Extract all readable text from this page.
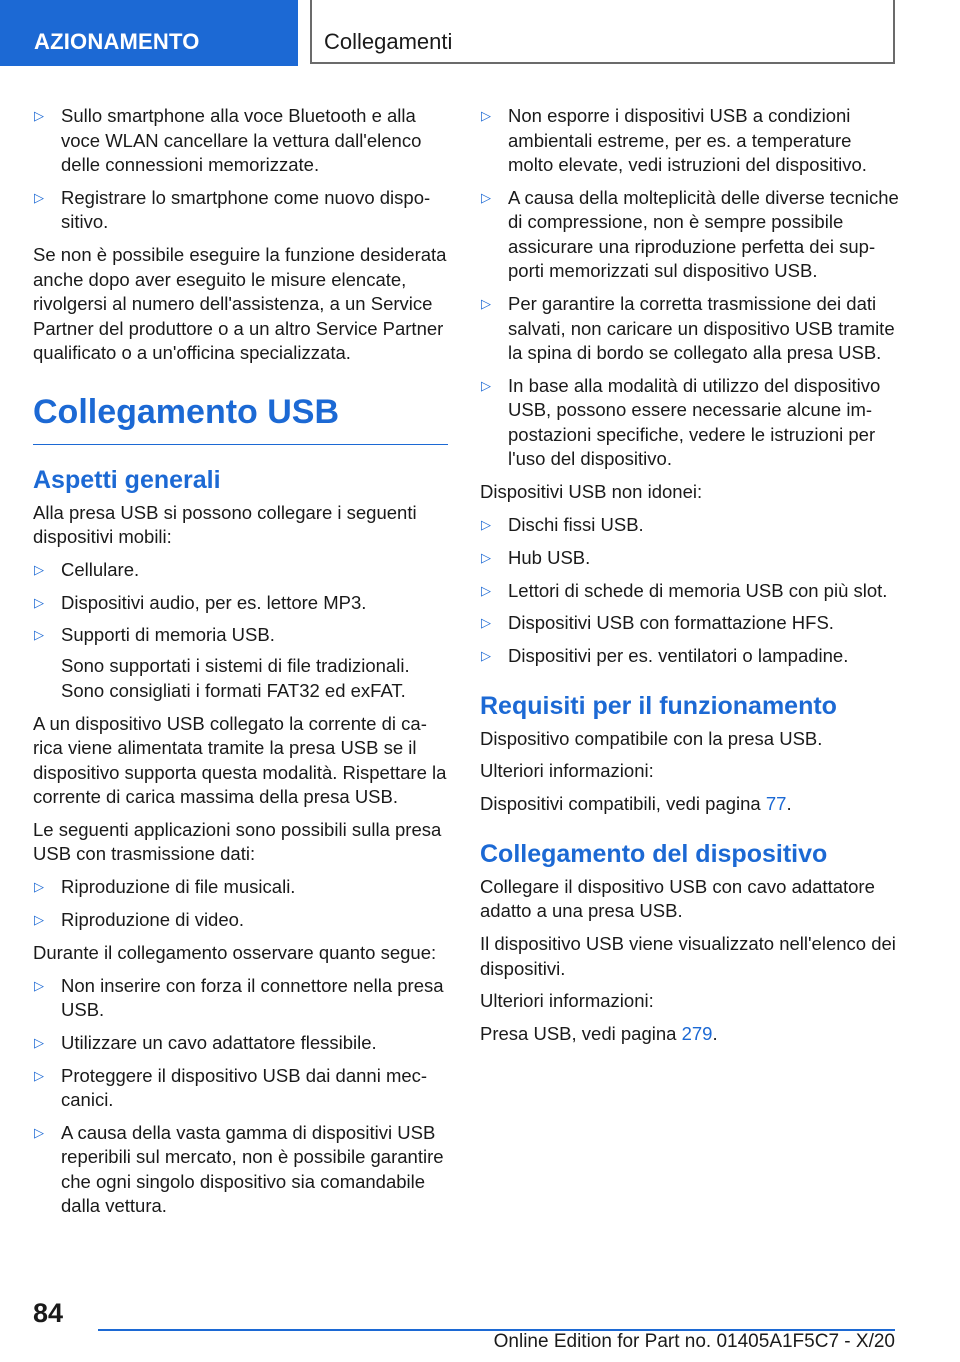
AZIONAMENTO	Collegamenti
▷ Sullo smartphone alla voce Bluetooth e alla voce WLAN cancellare la vettura dall'elenco delle connessioni memorizzate.
▷ Registrare lo smartphone come nuovo dispositivo.
Se non è possibile eseguire la funzione desiderata anche dopo aver eseguito le misure elencate, rivolgersi al numero dell'assistenza, a un Service Partner del produttore o a un altro Service Partner qualificato o a un'officina specializzata.
Collegamento USB
Aspetti generali
Alla presa USB si possono collegare i seguenti dispositivi mobili:
▷ Cellulare.
▷ Dispositivi audio, per es. lettore MP3.
▷ Supporti di memoria USB.
Sono supportati i sistemi di file tradizionali. Sono consigliati i formati FAT32 ed exFAT.
A un dispositivo USB collegato la corrente di carica viene alimentata tramite la presa USB se il dispositivo supporta questa modalità. Rispettare la corrente di carica massima della presa USB.
Le seguenti applicazioni sono possibili sulla presa USB con trasmissione dati:
▷ Riproduzione di file musicali.
▷ Riproduzione di video.
Durante il collegamento osservare quanto segue:
▷ Non inserire con forza il connettore nella presa USB.
▷ Utilizzare un cavo adattatore flessibile.
▷ Proteggere il dispositivo USB dai danni meccanici.
▷ A causa della vasta gamma di dispositivi USB reperibili sul mercato, non è possibile garantire che ogni singolo dispositivo sia comandabile dalla vettura.
▷ Non esporre i dispositivi USB a condizioni ambientali estreme, per es. a temperature molto elevate, vedi istruzioni del dispositivo.
▷ A causa della molteplicità delle diverse tecniche di compressione, non è sempre possibile assicurare una riproduzione perfetta dei supporti memorizzati sul dispositivo USB.
▷ Per garantire la corretta trasmissione dei dati salvati, non caricare un dispositivo USB tramite la spina di bordo se collegato alla presa USB.
▷ In base alla modalità di utilizzo del dispositivo USB, possono essere necessarie alcune impostazioni specifiche, vedere le istruzioni per l'uso del dispositivo.
Dispositivi USB non idonei:
▷ Dischi fissi USB.
▷ Hub USB.
▷ Lettori di schede di memoria USB con più slot.
▷ Dispositivi USB con formattazione HFS.
▷ Dispositivi per es. ventilatori o lampadine.
Requisiti per il funzionamento
Dispositivo compatibile con la presa USB.
Ulteriori informazioni:
Dispositivi compatibili, vedi pagina 77.
Collegamento del dispositivo
Collegare il dispositivo USB con cavo adattatore adatto a una presa USB.
Il dispositivo USB viene visualizzato nell'elenco dei dispositivi.
Ulteriori informazioni:
Presa USB, vedi pagina 279.
84
Online Edition for Part no. 01405A1F5C7 - X/20
